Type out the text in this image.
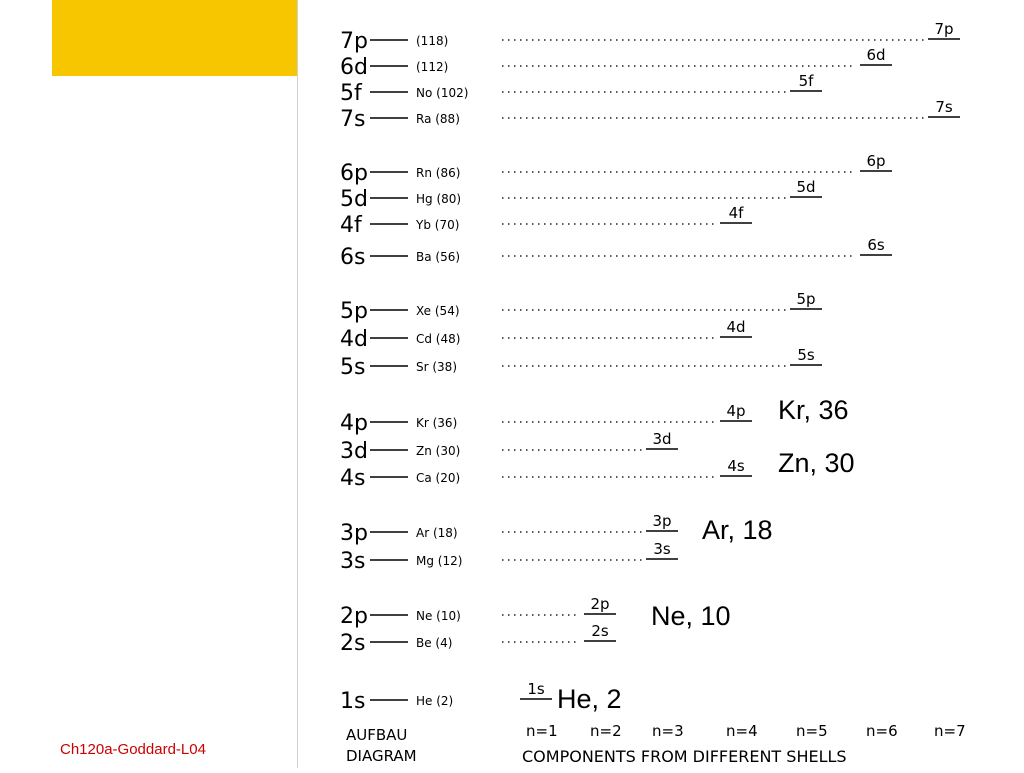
7p	(118)
7p
6d	(112)
6d
5f	No (102)
5f
7s	Ra (88)
7s
6p	Rn (86)
6p
5d	Hg (80)
5d
4f	Yb (70)
4f
6s	Ba (56)
6s
5p	Xe (54)
5p
4d	Cd (48)
4d
5s	Sr (38)
5s
4p	Kr (36)
4p
3d	Zn (30)
3d
4s	Ca (20)
4s
3p	Ar (18)
3p
3s	Mg (12)
3s
2p	Ne (10)
2p
2s	Be (4)
2s
1s	He (2)
1s
n=1 n=2 n=3	n=4	n=5	n=6 n=7
AUFBAU
DIAGRAM	COMPONENTS FROM DIFFERENT SHELLS
Kr, 36
Zn, 30
Ar, 18
Ne, 10
He, 2
Ch120a-Goddard-L04
